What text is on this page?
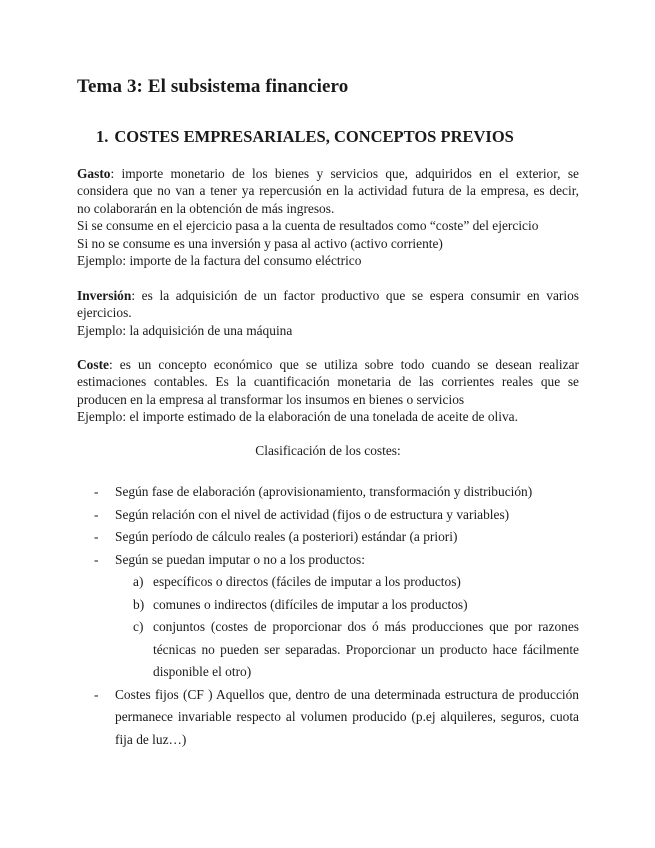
Tema 3: El subsistema financiero
1. COSTES EMPRESARIALES, CONCEPTOS PREVIOS
Gasto: importe monetario de los bienes y servicios que, adquiridos en el exterior, se
considera que no van a tener ya repercusión en la actividad futura de la empresa, es decir,
no colaborarán en la obtención de más ingresos.
Si se consume en el ejercicio pasa a la cuenta de resultados como “coste” del ejercicio
Si no se consume es una inversión y pasa al activo (activo corriente)
Ejemplo: importe de la factura del consumo eléctrico
Inversión: es la adquisición de un factor productivo que se espera consumir en varios
ejercicios.
Ejemplo: la adquisición de una máquina
Coste: es un concepto económico que se utiliza sobre todo cuando se desean realizar
estimaciones contables. Es la cuantificación monetaria de las corrientes reales que se
producen en la empresa al transformar los insumos en bienes o servicios
Ejemplo: el importe estimado de la elaboración de una tonelada de aceite de oliva.

Clasificación de los costes:

- Según fase de elaboración (aprovisionamiento, transformación y distribución)
- Según relación con el nivel de actividad (fijos o de estructura y variables)
- Según período de cálculo reales (a posteriori) estándar (a priori)
- Según se puedan imputar o no a los productos:
a) específicos o directos (fáciles de imputar a los productos)
b) comunes o indirectos (difíciles de imputar a los productos)
c) conjuntos (costes de proporcionar dos ó más producciones que por razones
técnicas no pueden ser separadas. Proporcionar un producto hace fácilmente
disponible el otro)
- Costes fijos (CF ) Aquellos que, dentro de una determinada estructura de producción
permanece invariable respecto al volumen producido (p.ej alquileres, seguros, cuota
fija de luz…)
